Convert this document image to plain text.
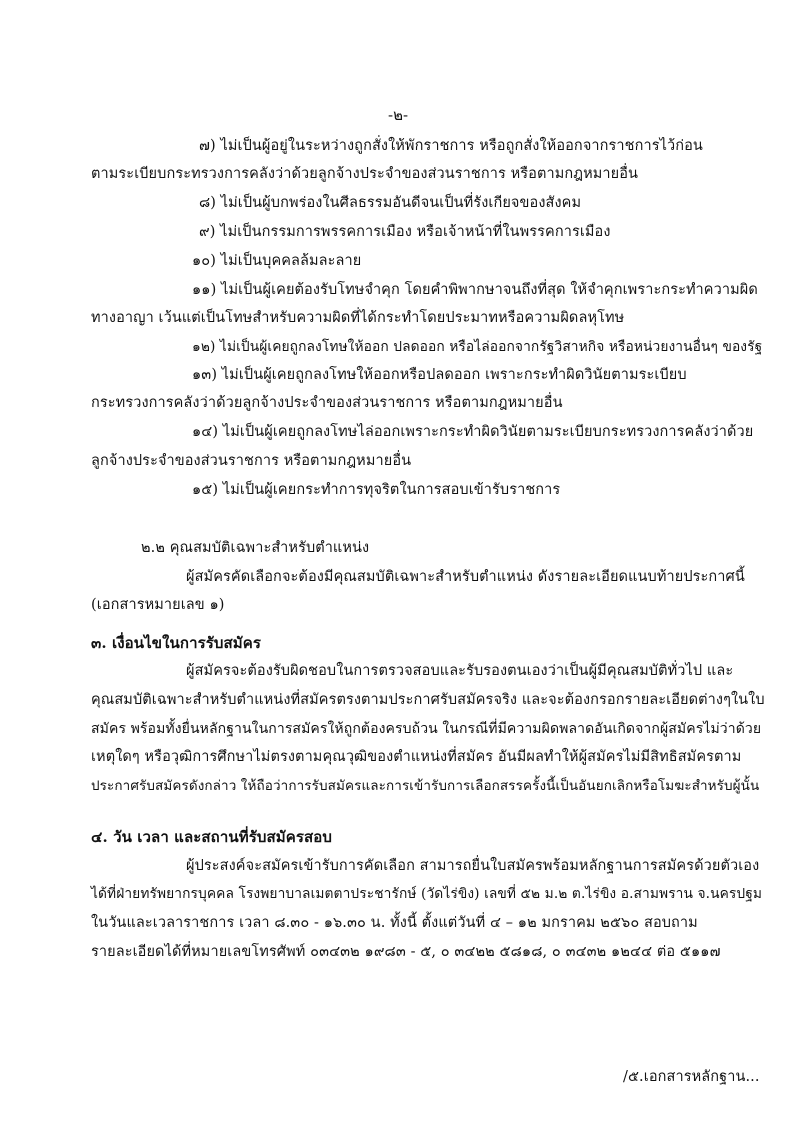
-๒-
๗) ไม่เป็นผู้อยู่ในระหว่างถูกสั่งให้พักราชการ หรือถูกสั่งให้ออกจากราชการไว้ก่อน
ตามระเบียบกระทรวงการคลังว่าด้วยลูกจ้างประจำของส่วนราชการ หรือตามกฎหมายอื่น
๘) ไม่เป็นผู้บกพร่องในศีลธรรมอันดีจนเป็นที่รังเกียจของสังคม
๙) ไม่เป็นกรรมการพรรคการเมือง หรือเจ้าหน้าที่ในพรรคการเมือง
๑๐) ไม่เป็นบุคคลล้มละลาย
๑๑) ไม่เป็นผู้เคยต้องรับโทษจำคุก โดยคำพิพากษาจนถึงที่สุด ให้จำคุกเพราะกระทำความผิด
ทางอาญา เว้นแต่เป็นโทษสำหรับความผิดที่ได้กระทำโดยประมาทหรือความผิดลหุโทษ
๑๒) ไม่เป็นผู้เคยถูกลงโทษให้ออก ปลดออก หรือไล่ออกจากรัฐวิสาหกิจ หรือหน่วยงานอื่นๆ ของรัฐ
๑๓) ไม่เป็นผู้เคยถูกลงโทษให้ออกหรือปลดออก เพราะกระทำผิดวินัยตามระเบียบ
กระทรวงการคลังว่าด้วยลูกจ้างประจำของส่วนราชการ หรือตามกฎหมายอื่น
๑๔) ไม่เป็นผู้เคยถูกลงโทษไล่ออกเพราะกระทำผิดวินัยตามระเบียบกระทรวงการคลังว่าด้วย
ลูกจ้างประจำของส่วนราชการ หรือตามกฎหมายอื่น
๑๕) ไม่เป็นผู้เคยกระทำการทุจริตในการสอบเข้ารับราชการ
๒.๒ คุณสมบัติเฉพาะสำหรับตำแหน่ง
ผู้สมัครคัดเลือกจะต้องมีคุณสมบัติเฉพาะสำหรับตำแหน่ง ดังรายละเอียดแนบท้ายประกาศนี้
(เอกสารหมายเลข ๑)
๓. เงื่อนไขในการรับสมัคร
ผู้สมัครจะต้องรับผิดชอบในการตรวจสอบและรับรองตนเองว่าเป็นผู้มีคุณสมบัติทั่วไป และ
คุณสมบัติเฉพาะสำหรับตำแหน่งที่สมัครตรงตามประกาศรับสมัครจริง และจะต้องกรอกรายละเอียดต่างๆในใบ
สมัคร พร้อมทั้งยื่นหลักฐานในการสมัครให้ถูกต้องครบถ้วน ในกรณีที่มีความผิดพลาดอันเกิดจากผู้สมัครไม่ว่าด้วย
เหตุใดๆ หรือวุฒิการศึกษาไม่ตรงตามคุณวุฒิของตำแหน่งที่สมัคร อันมีผลทำให้ผู้สมัครไม่มีสิทธิสมัครตาม
ประกาศรับสมัครดังกล่าว ให้ถือว่าการรับสมัครและการเข้ารับการเลือกสรรครั้งนี้เป็นอันยกเลิกหรือโมฆะสำหรับผู้นั้น
๔. วัน เวลา และสถานที่รับสมัครสอบ
ผู้ประสงค์จะสมัครเข้ารับการคัดเลือก สามารถยื่นใบสมัครพร้อมหลักฐานการสมัครด้วยตัวเอง
ได้ที่ฝ่ายทรัพยากรบุคคล โรงพยาบาลเมตตาประชารักษ์ (วัดไร่ขิง) เลขที่ ๕๒ ม.๒ ต.ไร่ขิง อ.สามพราน จ.นครปฐม
ในวันและเวลาราชการ เวลา ๘.๓๐ - ๑๖.๓๐ น. ทั้งนี้ ตั้งแต่วันที่ ๔ – ๑๒ มกราคม ๒๕๖๐ สอบถาม
รายละเอียดได้ที่หมายเลขโทรศัพท์ ๐๓๔๓๒ ๑๙๘๓ - ๕, ๐ ๓๔๒๒ ๕๘๑๘, ๐ ๓๔๓๒ ๑๒๔๔ ต่อ ๕๑๑๗
/๕.เอกสารหลักฐาน...
